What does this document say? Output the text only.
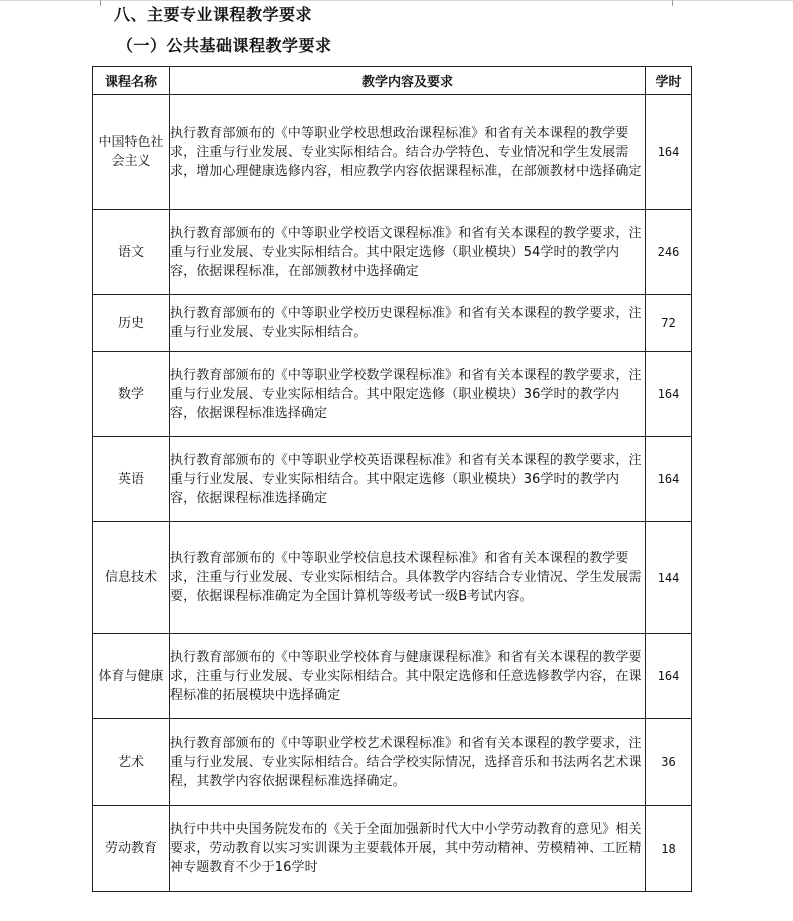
八、主要专业课程教学要求
（一）公共基础课程教学要求
课程名称	教学内容及要求	学时
中国特色社会主义	执行教育部颁布的《中等职业学校思想政治课程标准》和省有关本课程的教学要求，注重与行业发展、专业实际相结合。结合办学特色、专业情况和学生发展需求，增加心理健康选修内容，相应教学内容依据课程标准，在部颁教材中选择确定	164
语文	执行教育部颁布的《中等职业学校语文课程标准》和省有关本课程的教学要求，注重与行业发展、专业实际相结合。其中限定选修（职业模块）54学时的教学内容，依据课程标准，在部颁教材中选择确定	246
历史	执行教育部颁布的《中等职业学校历史课程标准》和省有关本课程的教学要求，注重与行业发展、专业实际相结合。	72
数学	执行教育部颁布的《中等职业学校数学课程标准》和省有关本课程的教学要求，注重与行业发展、专业实际相结合。其中限定选修（职业模块）36学时的教学内容，依据课程标准选择确定	164
英语	执行教育部颁布的《中等职业学校英语课程标准》和省有关本课程的教学要求，注重与行业发展、专业实际相结合。其中限定选修（职业模块）36学时的教学内容，依据课程标准选择确定	164
信息技术	执行教育部颁布的《中等职业学校信息技术课程标准》和省有关本课程的教学要求，注重与行业发展、专业实际相结合。具体教学内容结合专业情况、学生发展需要，依据课程标准确定为全国计算机等级考试一级B考试内容。	144
体育与健康	执行教育部颁布的《中等职业学校体育与健康课程标准》和省有关本课程的教学要求，注重与行业发展、专业实际相结合。其中限定选修和任意选修教学内容，在课程标准的拓展模块中选择确定	164
艺术	执行教育部颁布的《中等职业学校艺术课程标准》和省有关本课程的教学要求，注重与行业发展、专业实际相结合。结合学校实际情况，选择音乐和书法两名艺术课程，其教学内容依据课程标准选择确定。	36
劳动教育	执行中共中央国务院发布的《关于全面加强新时代大中小学劳动教育的意见》相关要求，劳动教育以实习实训课为主要载体开展，其中劳动精神、劳模精神、工匠精神专题教育不少于16学时	18
